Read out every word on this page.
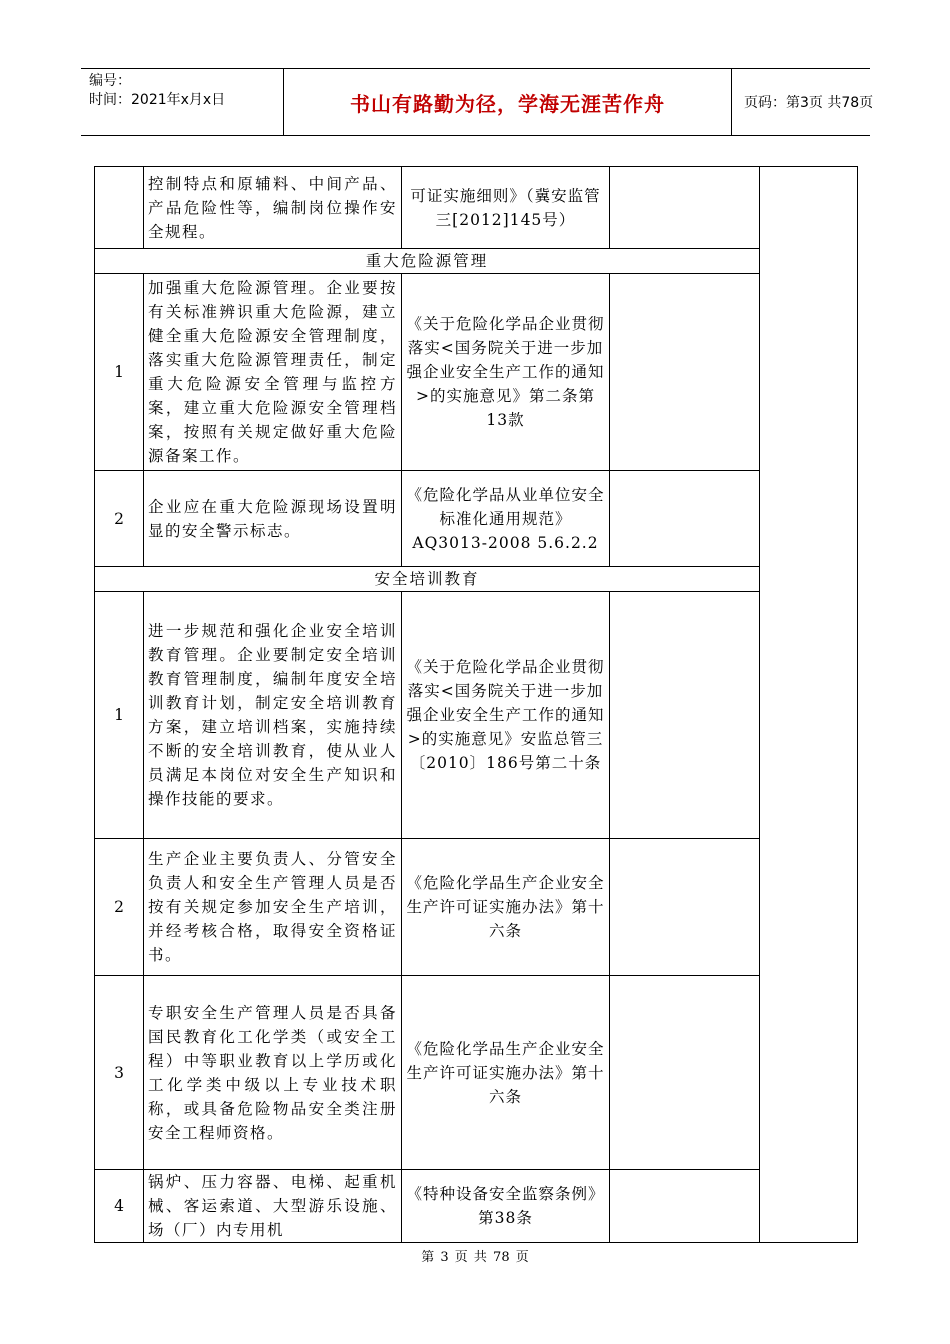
编号：
时间：2021年x月x日	书山有路勤为径，学海无涯苦作舟	页码：第3页 共78页
	控制特点和原辅料、中间产品、产品危险性等，编制岗位操作安全规程。	可证实施细则》（冀安监管三[2012]145号）		
重大危险源管理				
1	加强重大危险源管理。企业要按有关标准辨识重大危险源，建立健全重大危险源安全管理制度，落实重大危险源管理责任，制定重大危险源安全管理与监控方案，建立重大危险源安全管理档案，按照有关规定做好重大危险源备案工作。	《关于危险化学品企业贯彻落实<国务院关于进一步加强企业安全生产工作的通知>的实施意见》第二条第13款		
2	企业应在重大危险源现场设置明显的安全警示标志。	《危险化学品从业单位安全标准化通用规范》AQ3013-2008 5.6.2.2		
安全培训教育				
1	进一步规范和强化企业安全培训教育管理。企业要制定安全培训教育管理制度，编制年度安全培训教育计划，制定安全培训教育方案，建立培训档案，实施持续不断的安全培训教育，使从业人员满足本岗位对安全生产知识和操作技能的要求。	《关于危险化学品企业贯彻落实<国务院关于进一步加强企业安全生产工作的通知>的实施意见》安监总管三〔2010〕186号第二十条		
2	生产企业主要负责人、分管安全负责人和安全生产管理人员是否按有关规定参加安全生产培训，并经考核合格，取得安全资格证书。	《危险化学品生产企业安全生产许可证实施办法》第十六条		
3	专职安全生产管理人员是否具备国民教育化工化学类（或安全工程）中等职业教育以上学历或化工化学类中级以上专业技术职称，或具备危险物品安全类注册安全工程师资格。	《危险化学品生产企业安全生产许可证实施办法》第十六条		
4	锅炉、压力容器、电梯、起重机械、客运索道、大型游乐设施、场（厂）内专用机	《特种设备安全监察条例》第38条		
第 3 页 共 78 页
